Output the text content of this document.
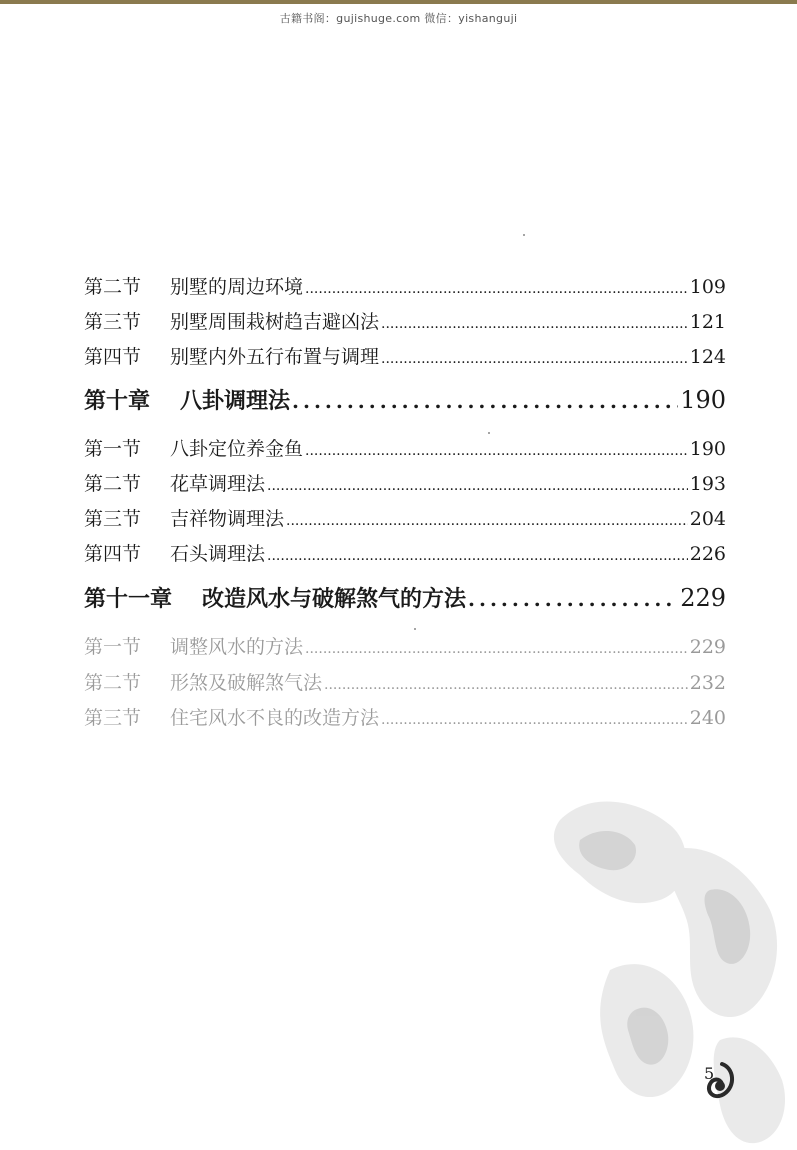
古籍书阁：gujishuge.com 微信：yishanguji
第二节	别墅的周边环境 .....	109
第三节	别墅周围栽树趋吉避凶法 .....	121
第四节	别墅内外五行布置与调理 .....	124
第十章 八卦调理法 .....	190
第一节	八卦定位养金鱼 .....	190
第二节	花草调理法 .....	193
第三节	吉祥物调理法 .....	204
第四节	石头调理法 .....	226
第十一章 改造风水与破解煞气的方法 .....	229
第一节	调整风水的方法 .....	229
第二节	形煞及破解煞气法 .....	232
第三节	住宅风水不良的改造方法 .....	240
5
